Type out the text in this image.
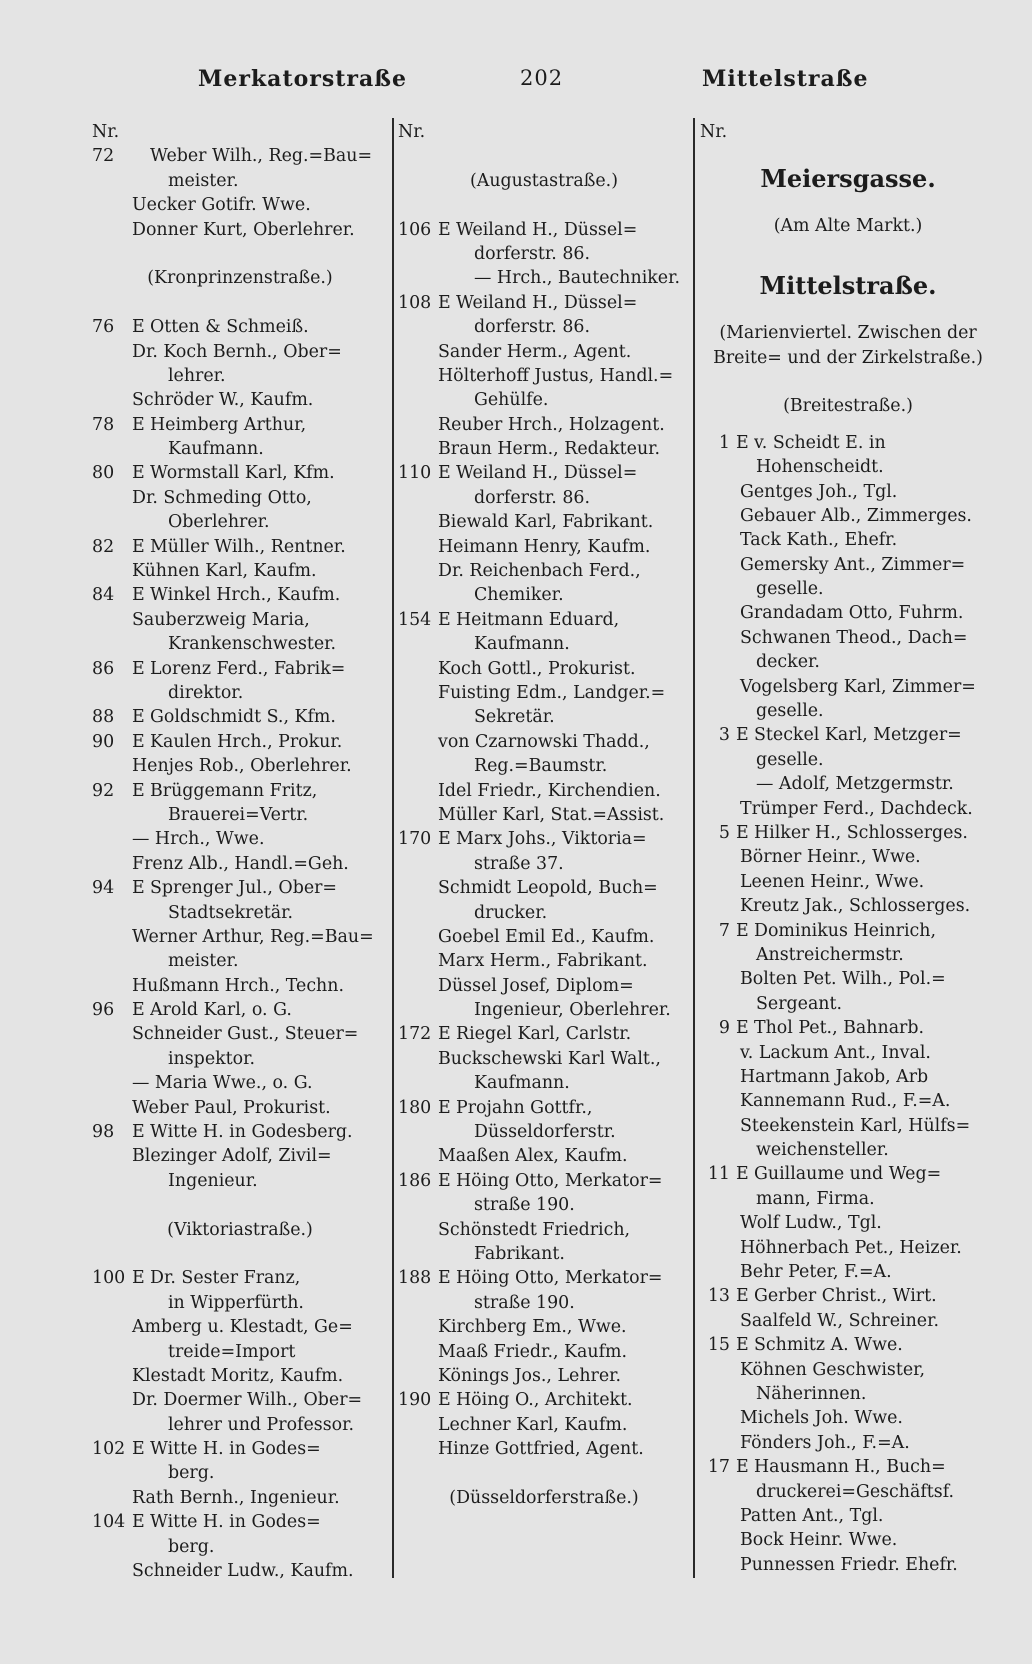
Merkatorstraße	202	Mittelstraße
Nr.
72	Weber Wilh., Reg.=Bau=
meister.
Uecker Gotifr. Wwe.
Donner Kurt, Oberlehrer.
(Kronprinzenstraße.)
76	E Otten & Schmeiß.
Dr. Koch Bernh., Ober=
lehrer.
Schröder W., Kaufm.
78	E Heimberg Arthur,
Kaufmann.
80	E Wormstall Karl, Kfm.
Dr. Schmeding Otto,
Oberlehrer.
82	E Müller Wilh., Rentner.
Kühnen Karl, Kaufm.
84	E Winkel Hrch., Kaufm.
Sauberzweig Maria,
Krankenschwester.
86	E Lorenz Ferd., Fabrik=
direktor.
88	E Goldschmidt S., Kfm.
90	E Kaulen Hrch., Prokur.
Henjes Rob., Oberlehrer.
92	E Brüggemann Fritz,
Brauerei=Vertr.
— Hrch., Wwe.
Frenz Alb., Handl.=Geh.
94	E Sprenger Jul., Ober=
Stadtsekretär.
Werner Arthur, Reg.=Bau=
meister.
Hußmann Hrch., Techn.
96	E Arold Karl, o. G.
Schneider Gust., Steuer=
inspektor.
— Maria Wwe., o. G.
Weber Paul, Prokurist.
98	E Witte H. in Godesberg.
Blezinger Adolf, Zivil=
Ingenieur.
(Viktoriastraße.)
100 E Dr. Sester Franz,
in Wipperfürth.
Amberg u. Klestadt, Ge=
treide=Import
Klestadt Moritz, Kaufm.
Dr. Doermer Wilh., Ober=
lehrer und Professor.
102 E Witte H. in Godes=
berg.
Rath Bernh., Ingenieur.
104 E Witte H. in Godes=
berg.
Schneider Ludw., Kaufm.
Nr.
(Augustastraße.)
106 E Weiland H., Düssel=
dorferstr. 86.
— Hrch., Bautechniker.
108 E Weiland H., Düssel=
dorferstr. 86.
Sander Herm., Agent.
Hölterhoff Justus, Handl.=
Gehülfe.
Reuber Hrch., Holzagent.
Braun Herm., Redakteur.
110 E Weiland H., Düssel=
dorferstr. 86.
Biewald Karl, Fabrikant.
Heimann Henry, Kaufm.
Dr. Reichenbach Ferd.,
Chemiker.
154 E Heitmann Eduard,
Kaufmann.
Koch Gottl., Prokurist.
Fuisting Edm., Landger.=
Sekretär.
von Czarnowski Thadd.,
Reg.=Baumstr.
Idel Friedr., Kirchendien.
Müller Karl, Stat.=Assist.
170 E Marx Johs., Viktoria=
straße 37.
Schmidt Leopold, Buch=
drucker.
Goebel Emil Ed., Kaufm.
Marx Herm., Fabrikant.
Düssel Josef, Diplom=
Ingenieur, Oberlehrer.
172 E Riegel Karl, Carlstr.
Buckschewski Karl Walt.,
Kaufmann.
180 E Projahn Gottfr.,
Düsseldorferstr.
Maaßen Alex, Kaufm.
186 E Höing Otto, Merkator=
straße 190.
Schönstedt Friedrich,
Fabrikant.
188 E Höing Otto, Merkator=
straße 190.
Kirchberg Em., Wwe.
Maaß Friedr., Kaufm.
Könings Jos., Lehrer.
190 E Höing O., Architekt.
Lechner Karl, Kaufm.
Hinze Gottfried, Agent.
(Düsseldorferstraße.)
Nr.
Meiersgasse.
(Am Alte Markt.)
Mittelstraße.
(Marienviertel. Zwischen der
Breite= und der Zirkelstraße.)
(Breitestraße.)
1 E v. Scheidt E. in
Hohenscheidt.
Gentges Joh., Tgl.
Gebauer Alb., Zimmerges.
Tack Kath., Ehefr.
Gemersky Ant., Zimmer=
geselle.
Grandadam Otto, Fuhrm.
Schwanen Theod., Dach=
decker.
Vogelsberg Karl, Zimmer=
geselle.
3 E Steckel Karl, Metzger=
geselle.
— Adolf, Metzgermstr.
Trümper Ferd., Dachdeck.
5 E Hilker H., Schlosserges.
Börner Heinr., Wwe.
Leenen Heinr., Wwe.
Kreutz Jak., Schlosserges.
7 E Dominikus Heinrich,
Anstreichermstr.
Bolten Pet. Wilh., Pol.=
Sergeant.
9 E Thol Pet., Bahnarb.
v. Lackum Ant., Inval.
Hartmann Jakob, Arb
Kannemann Rud., F.=A.
Steekenstein Karl, Hülfs=
weichensteller.
11 E Guillaume und Weg=
mann, Firma.
Wolf Ludw., Tgl.
Höhnerbach Pet., Heizer.
Behr Peter, F.=A.
13 E Gerber Christ., Wirt.
Saalfeld W., Schreiner.
15 E Schmitz A. Wwe.
Köhnen Geschwister,
Näherinnen.
Michels Joh. Wwe.
Fönders Joh., F.=A.
17 E Hausmann H., Buch=
druckerei=Geschäftsf.
Patten Ant., Tgl.
Bock Heinr. Wwe.
Punnessen Friedr. Ehefr.
